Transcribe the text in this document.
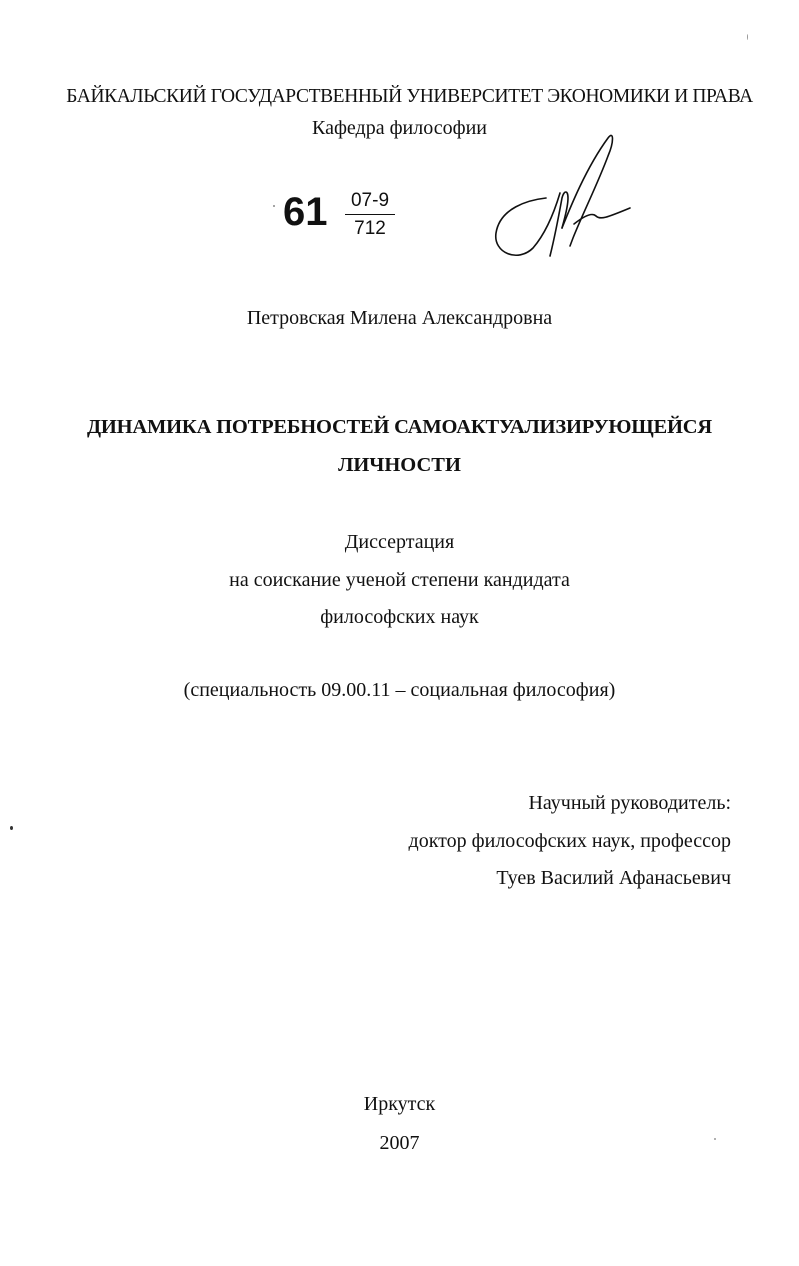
БАЙКАЛЬСКИЙ ГОСУДАРСТВЕННЫЙ УНИВЕРСИТЕТ ЭКОНОМИКИ И ПРАВА
Кафедра философии
61	07-9
712
Петровская Милена Александровна
ДИНАМИКА ПОТРЕБНОСТЕЙ САМОАКТУАЛИЗИРУЮЩЕЙСЯ
ЛИЧНОСТИ
Диссертация
на соискание ученой степени кандидата
философских наук
(специальность 09.00.11 – социальная философия)
Научный руководитель:
доктор философских наук, профессор
Туев Василий Афанасьевич
Иркутск
2007
